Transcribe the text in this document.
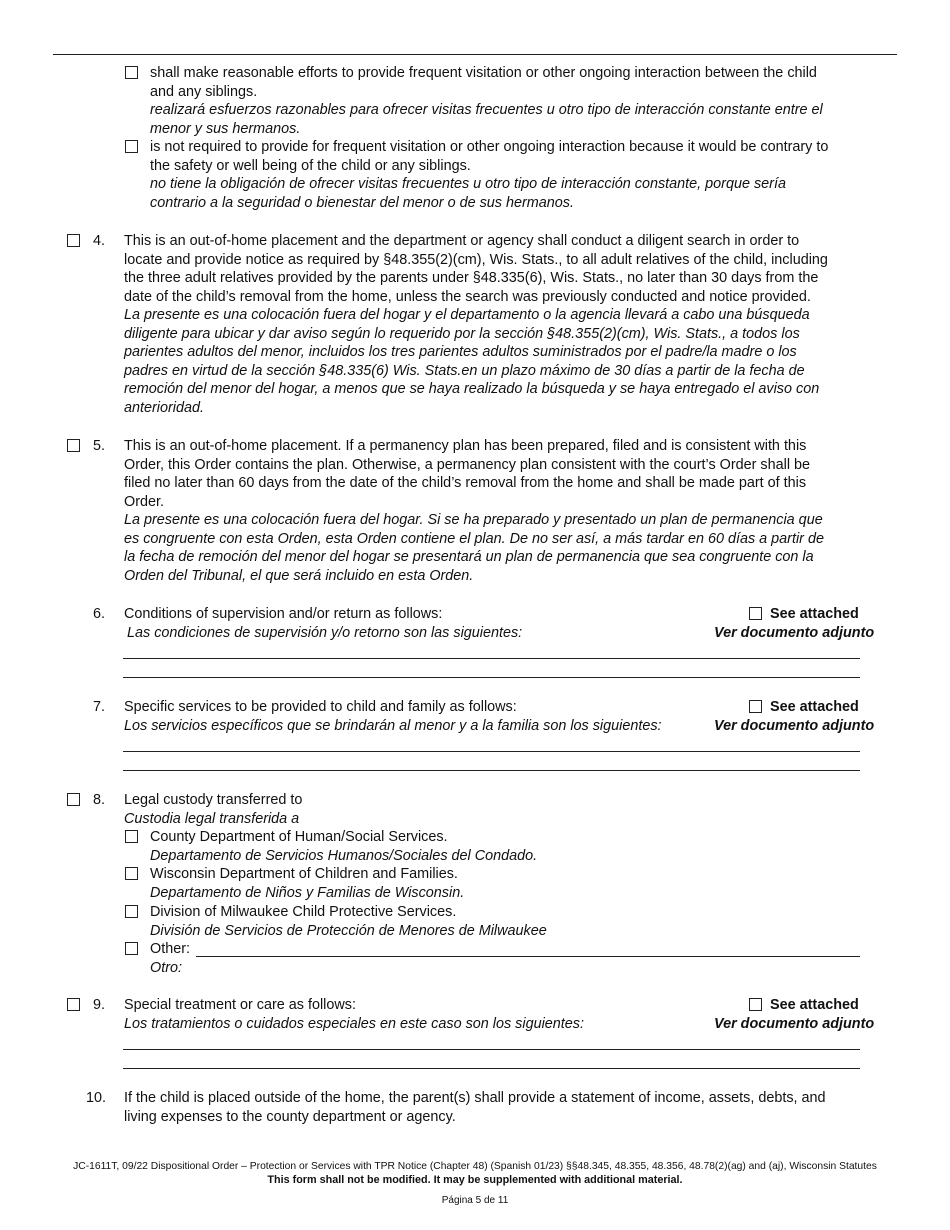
shall make reasonable efforts to provide frequent visitation or other ongoing interaction between the child
and any siblings.
realizará esfuerzos razonables para ofrecer visitas frecuentes u otro tipo de interacción constante entre el
menor y sus hermanos.
is not required to provide for frequent visitation or other ongoing interaction because it would be contrary to
the safety or well being of the child or any siblings.
no tiene la obligación de ofrecer visitas frecuentes u otro tipo de interacción constante, porque sería
contrario a la seguridad o bienestar del menor o de sus hermanos.
4. This is an out-of-home placement and the department or agency shall conduct a diligent search in order to
locate and provide notice as required by §48.355(2)(cm), Wis. Stats., to all adult relatives of the child, including
the three adult relatives provided by the parents under §48.335(6), Wis. Stats., no later than 30 days from the
date of the child’s removal from the home, unless the search was previously conducted and notice provided.
La presente es una colocación fuera del hogar y el departamento o la agencia llevará a cabo una búsqueda
diligente para ubicar y dar aviso según lo requerido por la sección §48.355(2)(cm), Wis. Stats., a todos los
parientes adultos del menor, incluidos los tres parientes adultos suministrados por el padre/la madre o los
padres en virtud de la sección §48.335(6) Wis. Stats.en un plazo máximo de 30 días a partir de la fecha de
remoción del menor del hogar, a menos que se haya realizado la búsqueda y se haya entregado el aviso con
anterioridad.
5. This is an out-of-home placement. If a permanency plan has been prepared, filed and is consistent with this
Order, this Order contains the plan. Otherwise, a permanency plan consistent with the court’s Order shall be
filed no later than 60 days from the date of the child’s removal from the home and shall be made part of this
Order.
La presente es una colocación fuera del hogar. Si se ha preparado y presentado un plan de permanencia que
es congruente con esta Orden, esta Orden contiene el plan. De no ser así, a más tardar en 60 días a partir de
la fecha de remoción del menor del hogar se presentará un plan de permanencia que sea congruente con la
Orden del Tribunal, el que será incluido en esta Orden.
6. Conditions of supervision and/or return as follows:
Las condiciones de supervisión y/o retorno son las siguientes:
See attached
Ver documento adjunto
7. Specific services to be provided to child and family as follows:
Los servicios específicos que se brindarán al menor y a la familia son los siguientes:
See attached
Ver documento adjunto
8. Legal custody transferred to
Custodia legal transferida a
County Department of Human/Social Services.
Departamento de Servicios Humanos/Sociales del Condado.
Wisconsin Department of Children and Families.
Departamento de Niños y Familias de Wisconsin.
Division of Milwaukee Child Protective Services.
División de Servicios de Protección de Menores de Milwaukee
Other:
Otro:
9. Special treatment or care as follows:
Los tratamientos o cuidados especiales en este caso son los siguientes:
See attached
Ver documento adjunto
10. If the child is placed outside of the home, the parent(s) shall provide a statement of income, assets, debts, and
living expenses to the county department or agency.
JC-1611T, 09/22 Dispositional Order – Protection or Services with TPR Notice (Chapter 48) (Spanish 01/23) §§48.345, 48.355, 48.356, 48.78(2)(ag) and (aj), Wisconsin Statutes
This form shall not be modified. It may be supplemented with additional material.
Página 5 de 11
